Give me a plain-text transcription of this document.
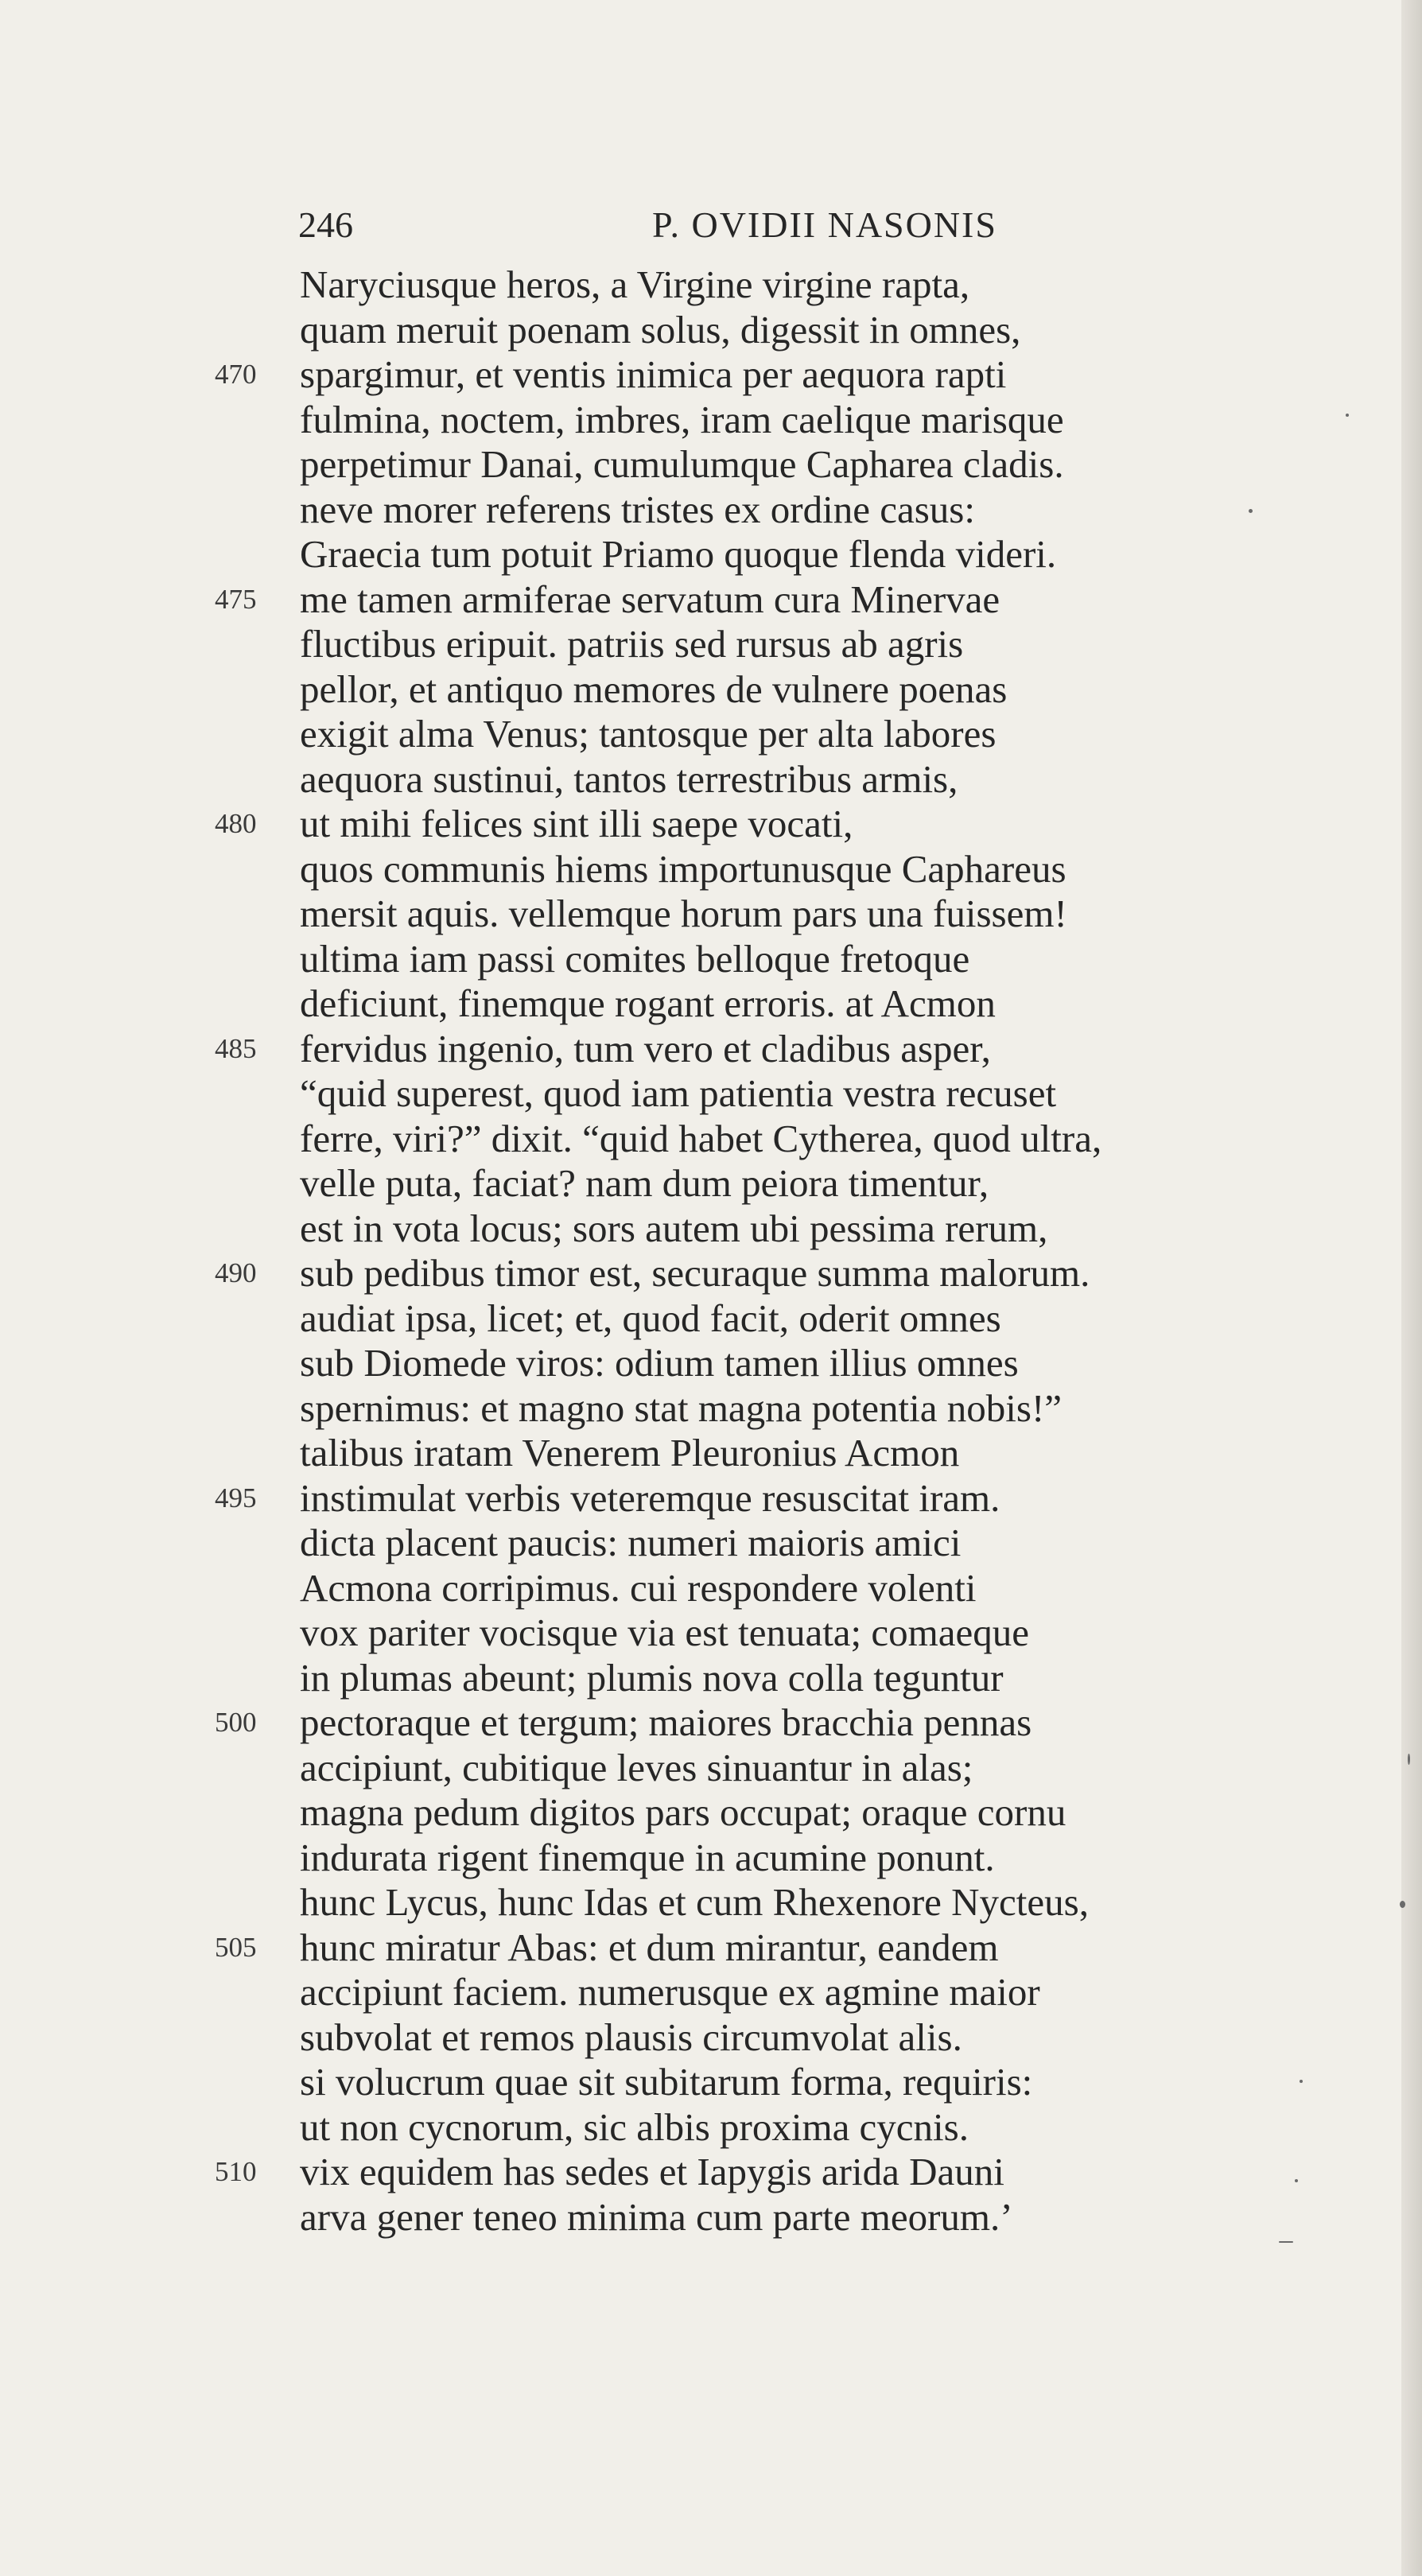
246	P. OVIDII NASONIS
Naryciusque heros, a Virgine virgine rapta,
quam meruit poenam solus, digessit in omnes,
470	spargimur, et ventis inimica per aequora rapti
fulmina, noctem, imbres, iram caelique marisque
perpetimur Danai, cumulumque Capharea cladis.
neve morer referens tristes ex ordine casus:
Graecia tum potuit Priamo quoque flenda videri.
475	me tamen armiferae servatum cura Minervae
fluctibus eripuit. patriis sed rursus ab agris
pellor, et antiquo memores de vulnere poenas
exigit alma Venus; tantosque per alta labores
aequora sustinui, tantos terrestribus armis,
480	ut mihi felices sint illi saepe vocati,
quos communis hiems importunusque Caphareus
mersit aquis. vellemque horum pars una fuissem!
ultima iam passi comites belloque fretoque
deficiunt, finemque rogant erroris. at Acmon
485	fervidus ingenio, tum vero et cladibus asper,
“quid superest, quod iam patientia vestra recuset
ferre, viri?” dixit. “quid habet Cytherea, quod ultra,
velle puta, faciat? nam dum peiora timentur,
est in vota locus; sors autem ubi pessima rerum,
490	sub pedibus timor est, securaque summa malorum.
audiat ipsa, licet; et, quod facit, oderit omnes
sub Diomede viros: odium tamen illius omnes
spernimus: et magno stat magna potentia nobis!”
talibus iratam Venerem Pleuronius Acmon
495	instimulat verbis veteremque resuscitat iram.
dicta placent paucis: numeri maioris amici
Acmona corripimus. cui respondere volenti
vox pariter vocisque via est tenuata; comaeque
in plumas abeunt; plumis nova colla teguntur
500	pectoraque et tergum; maiores bracchia pennas
accipiunt, cubitique leves sinuantur in alas;
magna pedum digitos pars occupat; oraque cornu
indurata rigent finemque in acumine ponunt.
hunc Lycus, hunc Idas et cum Rhexenore Nycteus,
505	hunc miratur Abas: et dum mirantur, eandem
accipiunt faciem. numerusque ex agmine maior
subvolat et remos plausis circumvolat alis.
si volucrum quae sit subitarum forma, requiris:
ut non cycnorum, sic albis proxima cycnis.
510	vix equidem has sedes et Iapygis arida Dauni
arva gener teneo minima cum parte meorum.’
